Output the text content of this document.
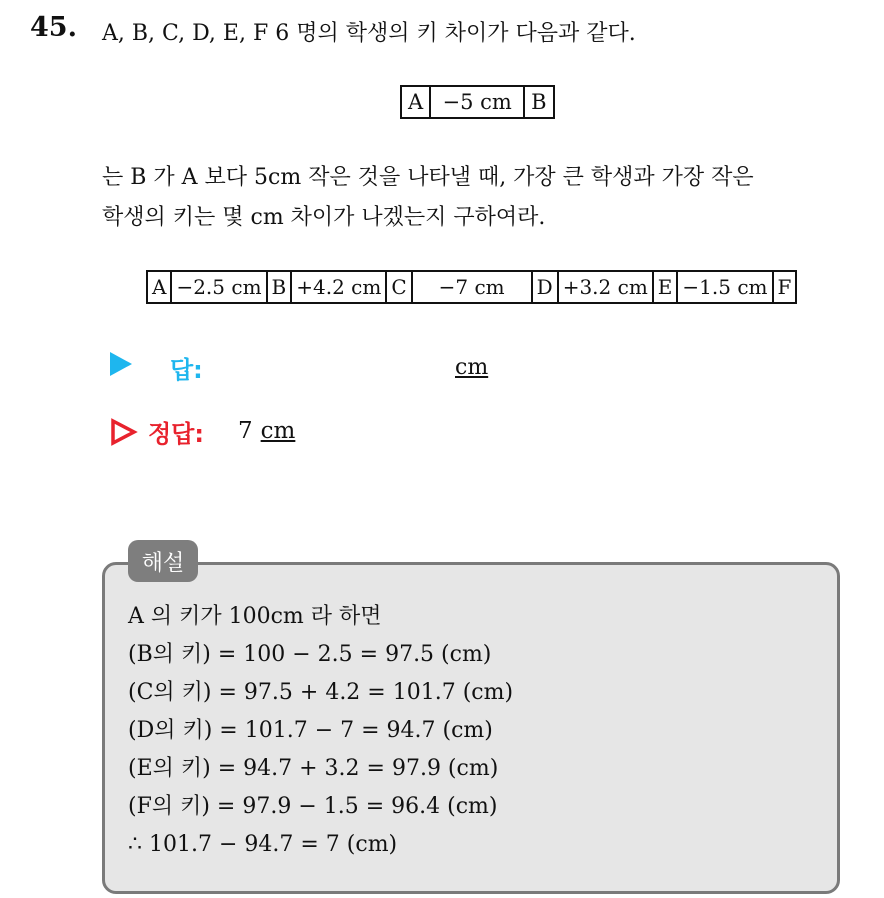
45. A, B, C, D, E, F 6 명의 학생의 키 차이가 다음과 같다.
A	−5 cm	B
는 B 가 A 보다 5cm 작은 것을 나타낼 때, 가장 큰 학생과 가장 작은
학생의 키는 몇 cm 차이가 나겠는지 구하여라.
A	−2.5 cm	B	+4.2 cm	C	−7 cm	D	+3.2 cm	E	−1.5 cm	F
답:	cm
정답: 7 cm
해설
A 의 키가 100cm 라 하면
(B의 키) = 100 − 2.5 = 97.5 (cm)
(C의 키) = 97.5 + 4.2 = 101.7 (cm)
(D의 키) = 101.7 − 7 = 94.7 (cm)
(E의 키) = 94.7 + 3.2 = 97.9 (cm)
(F의 키) = 97.9 − 1.5 = 96.4 (cm)
∴ 101.7 − 94.7 = 7 (cm)
